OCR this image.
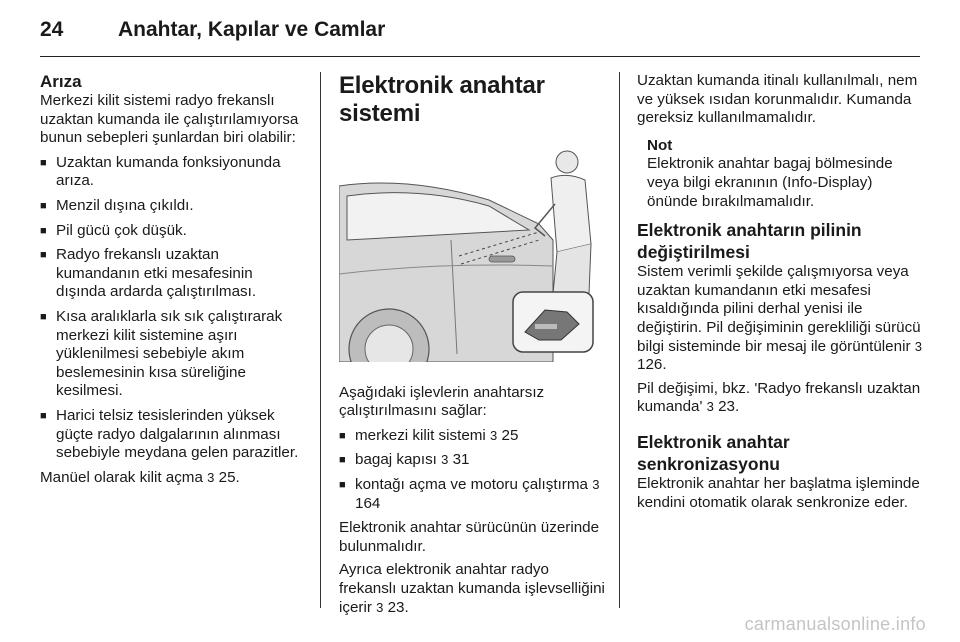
24	Anahtar, Kapılar ve Camlar
Arıza

Merkezi kilit sistemi radyo frekanslı uzaktan kumanda ile çalıştırılamıyorsa bunun sebepleri şunlardan biri olabilir:

■ Uzaktan kumanda fonksiyonunda arıza.
■ Menzil dışına çıkıldı.
■ Pil gücü çok düşük.
■ Radyo frekanslı uzaktan kumandanın etki mesafesinin dışında ardarda çalıştırılması.
■ Kısa aralıklarla sık sık çalıştırarak merkezi kilit sistemine aşırı yüklenilmesi sebebiyle akım beslemesinin kısa süreliğine kesilmesi.
■ Harici telsiz tesislerinden yüksek güçte radyo dalgalarının alınması sebebiyle meydana gelen parazitler.

Manüel olarak kilit açma 3 25.

Elektronik anahtar sistemi

Aşağıdaki işlevlerin anahtarsız çalıştırılmasını sağlar:

■ merkezi kilit sistemi 3 25
■ bagaj kapısı 3 31
■ kontağı açma ve motoru çalıştırma 3 164

Elektronik anahtar sürücünün üzerinde bulunmalıdır.

Ayrıca elektronik anahtar radyo frekanslı uzaktan kumanda işlevselliğini içerir 3 23.

Uzaktan kumanda itinalı kullanılmalı, nem ve yüksek ısıdan korunmalıdır. Kumanda gereksiz kullanılmamalıdır.

Not
Elektronik anahtar bagaj bölmesinde veya bilgi ekranının (Info-Display) önünde bırakılmamalıdır.
Elektronik anahtarın pilinin değiştirilmesi

Sistem verimli şekilde çalışmıyorsa veya uzaktan kumandanın etki mesafesi kısaldığında pilini derhal yenisi ile değiştirin. Pil değişiminin gerekliliği sürücü bilgi sisteminde bir mesaj ile görüntülenir 3 126.

Pil değişimi, bkz. 'Radyo frekanslı uzaktan kumanda' 3 23.

Elektronik anahtar senkronizasyonu

Elektronik anahtar her başlatma işleminde kendini otomatik olarak senkronize eder.

carmanualsonline.info
